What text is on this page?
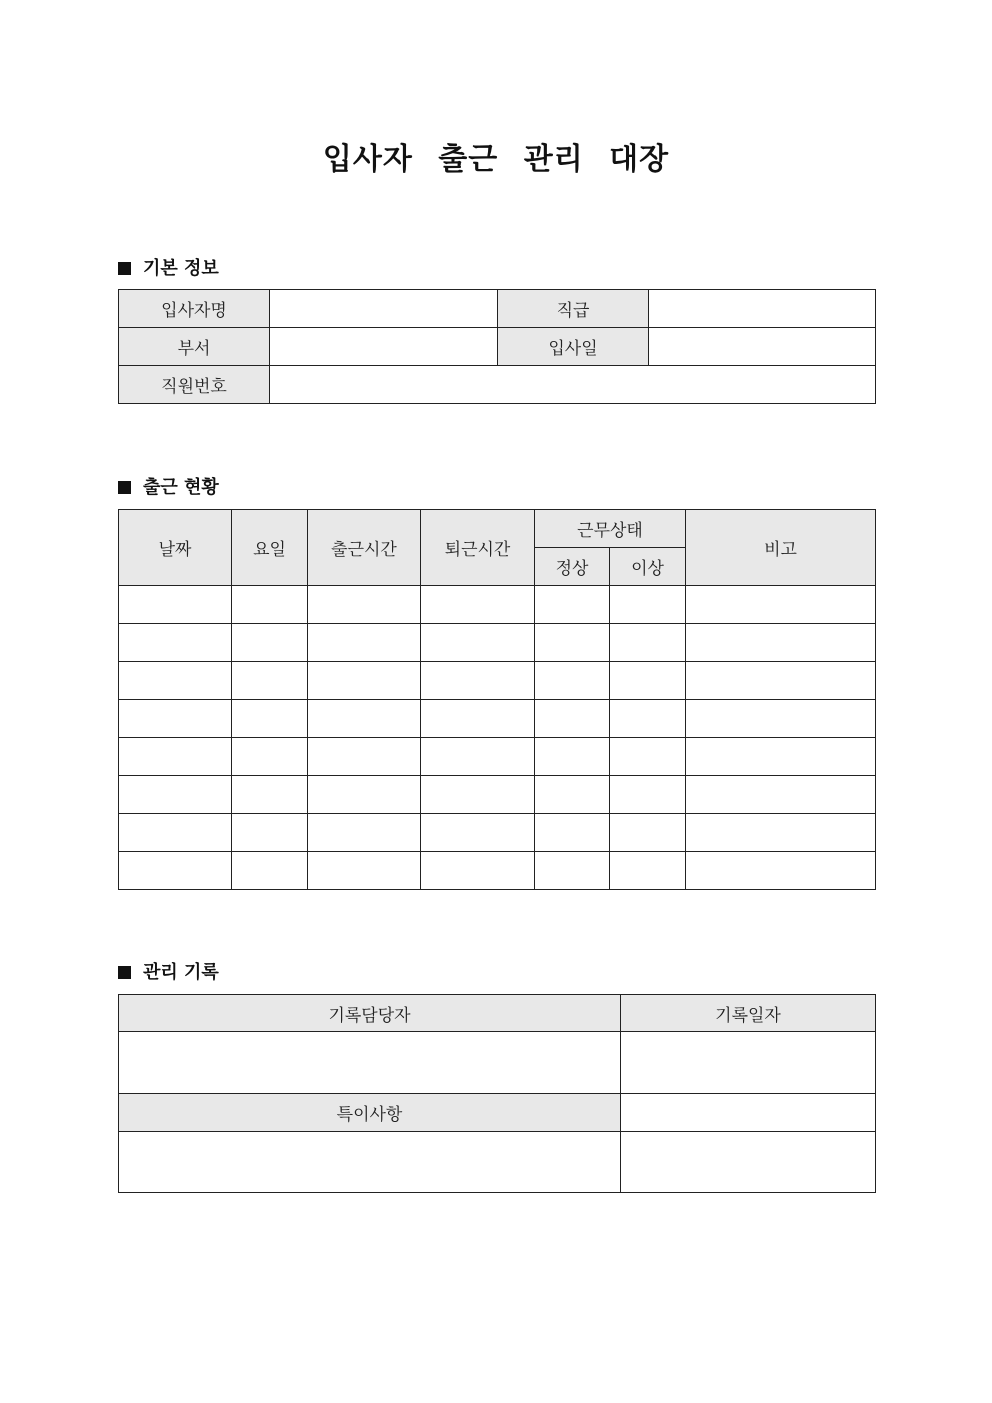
입사자 출근 관리 대장
기본 정보
입사자명		직급	
부서		입사일	
직원번호			
출근 현황
날짜	요일	출근시간	퇴근시간	근무상태		비고
				정상	이상	

관리 기록
기록담당자	기록일자

특이사항	
